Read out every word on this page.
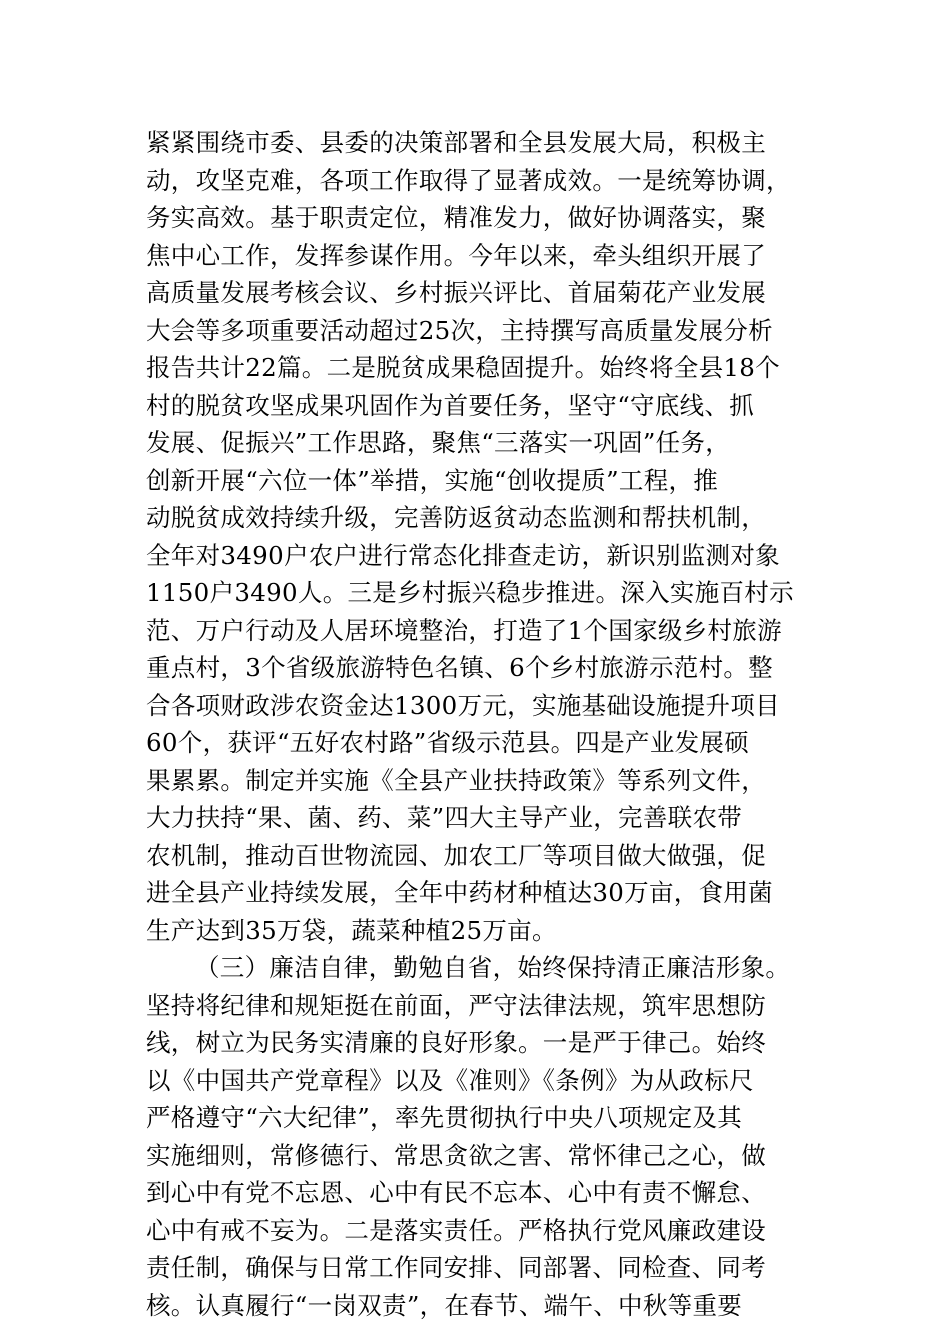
紧紧围绕市委、县委的决策部署和全县发展大局，积极主
动，攻坚克难，各项工作取得了显著成效。一是统筹协调，
务实高效。基于职责定位，精准发力，做好协调落实，聚
焦中心工作，发挥参谋作用。今年以来，牵头组织开展了
高质量发展考核会议、乡村振兴评比、首届菊花产业发展
大会等多项重要活动超过25次，主持撰写高质量发展分析
报告共计22篇。二是脱贫成果稳固提升。始终将全县18个
村的脱贫攻坚成果巩固作为首要任务，坚守“守底线、抓
发展、促振兴”工作思路，聚焦“三落实一巩固”任务，
创新开展“六位一体”举措，实施“创收提质”工程，推
动脱贫成效持续升级，完善防返贫动态监测和帮扶机制，
全年对3490户农户进行常态化排查走访，新识别监测对象
1150户3490人。三是乡村振兴稳步推进。深入实施百村示
范、万户行动及人居环境整治，打造了1个国家级乡村旅游
重点村，3个省级旅游特色名镇、6个乡村旅游示范村。整
合各项财政涉农资金达1300万元，实施基础设施提升项目
60个，获评“五好农村路”省级示范县。四是产业发展硕
果累累。制定并实施《全县产业扶持政策》等系列文件，
大力扶持“果、菌、药、菜”四大主导产业，完善联农带
农机制，推动百世物流园、加农工厂等项目做大做强，促
进全县产业持续发展，全年中药材种植达30万亩，食用菌
生产达到35万袋，蔬菜种植25万亩。
（三）廉洁自律，勤勉自省，始终保持清正廉洁形象。
坚持将纪律和规矩挺在前面，严守法律法规，筑牢思想防
线，树立为民务实清廉的良好形象。一是严于律己。始终
以《中国共产党章程》以及《准则》《条例》为从政标尺
严格遵守“六大纪律”，率先贯彻执行中央八项规定及其
实施细则，常修德行、常思贪欲之害、常怀律己之心，做
到心中有党不忘恩、心中有民不忘本、心中有责不懈怠、
心中有戒不妄为。二是落实责任。严格执行党风廉政建设
责任制，确保与日常工作同安排、同部署、同检查、同考
核。认真履行“一岗双责”，在春节、端午、中秋等重要
